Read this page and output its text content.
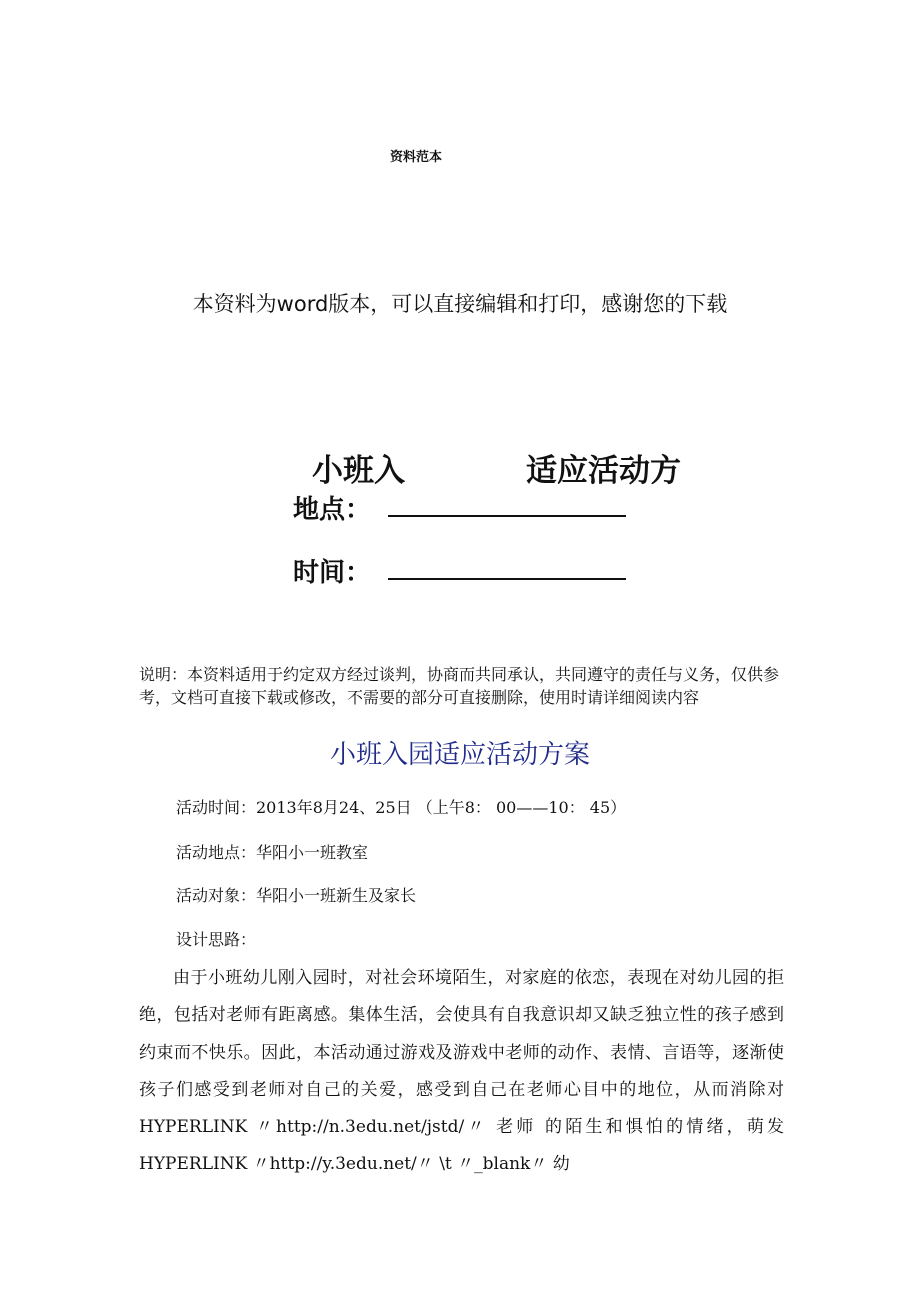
资料范本
本资料为word版本，可以直接编辑和打印，感谢您的下载
小班入	适应活动方
地点：
时间：
说明：本资料适用于约定双方经过谈判，协商而共同承认，共同遵守的责任与义务，仅供参考，文档可直接下载或修改，不需要的部分可直接删除，使用时请详细阅读内容
小班入园适应活动方案
活动时间：2013年8月24、25日 （上午8： 00——10： 45）
活动地点：华阳小一班教室
活动对象：华阳小一班新生及家长
设计思路：
由于小班幼儿刚入园时，对社会环境陌生，对家庭的依恋，表现在对幼儿园的拒绝，包括对老师有距离感。集体生活，会使具有自我意识却又缺乏独立性的孩子感到约束而不快乐。因此，本活动通过游戏及游戏中老师的动作、表情、言语等，逐渐使孩子们感受到老师对自己的关爱，感受到自己在老师心目中的地位，从而消除对 HYPERLINK 〃http://n.3edu.net/jstd/〃 老师 的陌生和惧怕的情绪，萌发 HYPERLINK 〃http://y.3edu.net/〃 \t 〃_blank〃 幼
